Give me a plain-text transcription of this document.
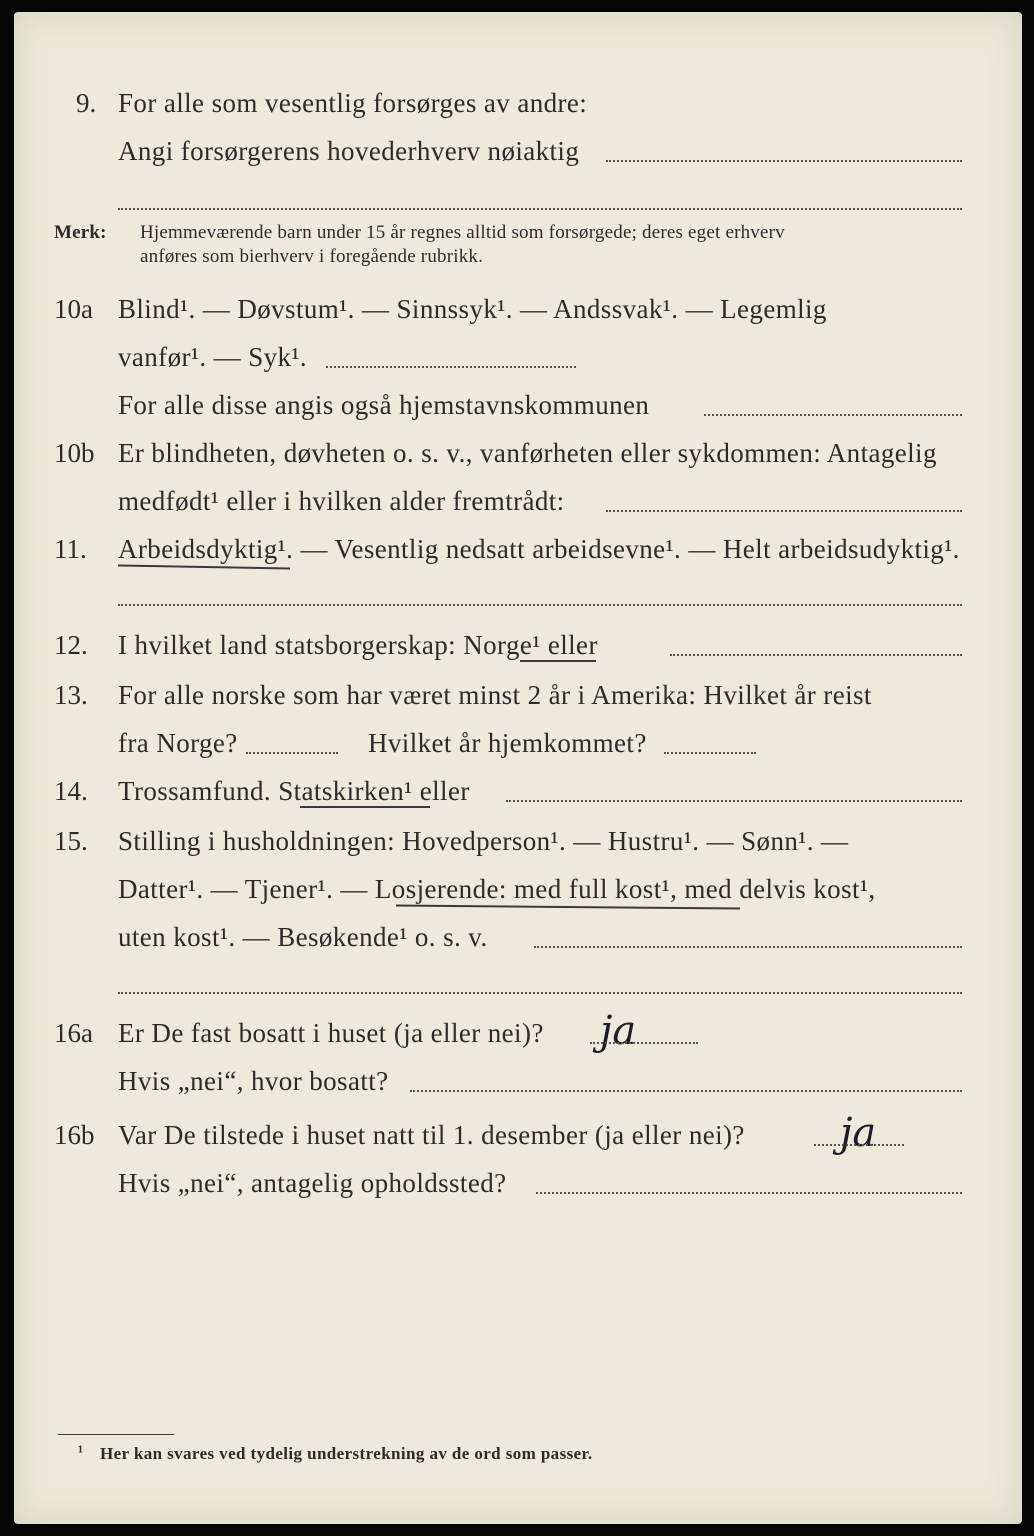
9. For alle som vesentlig forsørges av andre:
Angi forsørgerens hovederhverv nøiaktig
Merk: Hjemmeværende barn under 15 år regnes alltid som forsørgede; deres eget erhverv
anføres som bierhverv i foregående rubrikk.
10a Blind¹. — Døvstum¹. — Sinnssyk¹. — Andssvak¹. — Legemlig
vanfør¹. — Syk¹.
For alle disse angis også hjemstavnskommunen
10b Er blindheten, døvheten o. s. v., vanførheten eller sykdommen: Antagelig
medfødt¹ eller i hvilken alder fremtrådt:
11. Arbeidsdyktig¹. — Vesentlig nedsatt arbeidsevne¹. — Helt arbeidsudyktig¹.
12. I hvilket land statsborgerskap: Norge¹ eller
13. For alle norske som har været minst 2 år i Amerika: Hvilket år reist
fra Norge?	Hvilket år hjemkommet?
14. Trossamfund. Statskirken¹ eller
15. Stilling i husholdningen: Hovedperson¹. — Hustru¹. — Sønn¹. —
Datter¹. — Tjener¹. — Losjerende: med full kost¹, med delvis kost¹,
uten kost¹. — Besøkende¹ o. s. v.
16a Er De fast bosatt i huset (ja eller nei)? ja
Hvis „nei“, hvor bosatt?
16b Var De tilstede i huset natt til 1. desember (ja eller nei)? ja
Hvis „nei“, antagelig opholdssted?
¹ Her kan svares ved tydelig understrekning av de ord som passer.
